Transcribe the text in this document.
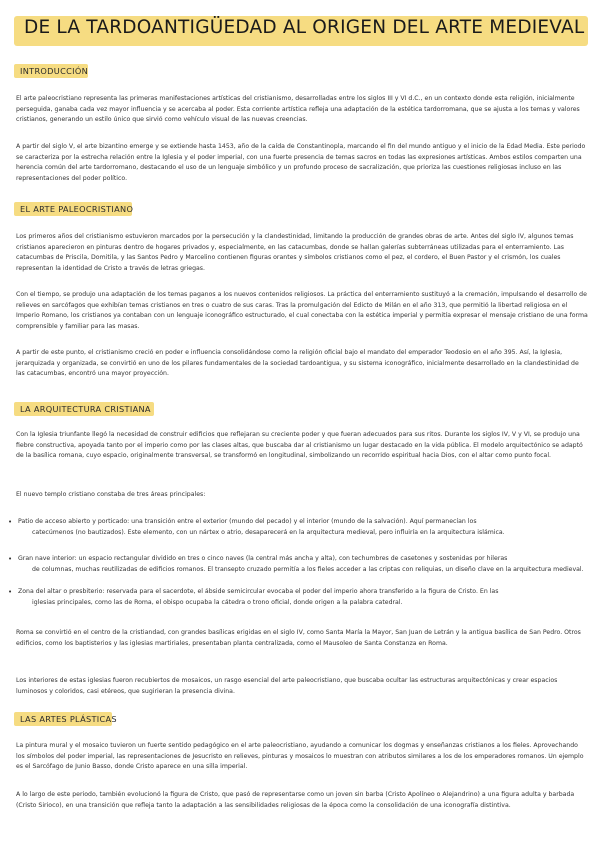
DE LA TARDOANTIGÜEDAD AL ORIGEN DEL ARTE MEDIEVAL
INTRODUCCIÓN
El arte paleocristiano representa las primeras manifestaciones artísticas del cristianismo, desarrolladas entre los siglos III y VI d.C., en un contexto donde esta religión, inicialmente perseguida, ganaba cada vez mayor influencia y se acercaba al poder. Esta corriente artística refleja una adaptación de la estética tardorromana, que se ajusta a los temas y valores cristianos, generando un estilo único que sirvió como vehículo visual de las nuevas creencias.
A partir del siglo V, el arte bizantino emerge y se extiende hasta 1453, año de la caída de Constantinopla, marcando el fin del mundo antiguo y el inicio de la Edad Media. Este periodo se caracteriza por la estrecha relación entre la Iglesia y el poder imperial, con una fuerte presencia de temas sacros en todas las expresiones artísticas. Ambos estilos comparten una herencia común del arte tardorromano, destacando el uso de un lenguaje simbólico y un profundo proceso de sacralización, que prioriza las cuestiones religiosas incluso en las representaciones del poder político.
EL ARTE PALEOCRISTIANO
Los primeros años del cristianismo estuvieron marcados por la persecución y la clandestinidad, limitando la producción de grandes obras de arte. Antes del siglo IV, algunos temas cristianos aparecieron en pinturas dentro de hogares privados y, especialmente, en las catacumbas, donde se hallan galerías subterráneas utilizadas para el enterramiento. Las catacumbas de Priscila, Domitila, y las Santos Pedro y Marcelino contienen figuras orantes y símbolos cristianos como el pez, el cordero, el Buen Pastor y el crismón, los cuales representan la identidad de Cristo a través de letras griegas.
Con el tiempo, se produjo una adaptación de los temas paganos a los nuevos contenidos religiosos. La práctica del enterramiento sustituyó a la cremación, impulsando el desarrollo de relieves en sarcófagos que exhibían temas cristianos en tres o cuatro de sus caras. Tras la promulgación del Edicto de Milán en el año 313, que permitió la libertad religiosa en el Imperio Romano, los cristianos ya contaban con un lenguaje iconográfico estructurado, el cual conectaba con la estética imperial y permitía expresar el mensaje cristiano de una forma comprensible y familiar para las masas.
A partir de este punto, el cristianismo creció en poder e influencia consolidándose como la religión oficial bajo el mandato del emperador Teodosio en el año 395. Así, la Iglesia, jerarquizada y organizada, se convirtió en uno de los pilares fundamentales de la sociedad tardoantigua, y su sistema iconográfico, inicialmente desarrollado en la clandestinidad de las catacumbas, encontró una mayor proyección.
LA ARQUITECTURA CRISTIANA
Con la Iglesia triunfante llegó la necesidad de construir edificios que reflejaran su creciente poder y que fueran adecuados para sus ritos. Durante los siglos IV, V y VI, se produjo una fiebre constructiva, apoyada tanto por el imperio como por las clases altas, que buscaba dar al cristianismo un lugar destacado en la vida pública. El modelo arquitectónico se adaptó de la basílica romana, cuyo espacio, originalmente transversal, se transformó en longitudinal, simbolizando un recorrido espiritual hacia Dios, con el altar como punto focal.
El nuevo templo cristiano constaba de tres áreas principales:
• Patio de acceso abierto y porticado: una transición entre el exterior (mundo del pecado) y el interior (mundo de la salvación). Aquí permanecían los
catecúmenos (no bautizados). Este elemento, con un nártex o atrio, desaparecerá en la arquitectura medieval, pero influiría en la arquitectura islámica.
• Gran nave interior: un espacio rectangular dividido en tres o cinco naves (la central más ancha y alta), con techumbres de casetones y sostenidas por hileras
de columnas, muchas reutilizadas de edificios romanos. El transepto cruzado permitía a los fieles acceder a las criptas con reliquias, un diseño clave en la arquitectura medieval.
• Zona del altar o presbiterio: reservada para el sacerdote, el ábside semicircular evocaba el poder del imperio ahora transferido a la figura de Cristo. En las
iglesias principales, como las de Roma, el obispo ocupaba la cátedra o trono oficial, donde origen a la palabra catedral.
Roma se convirtió en el centro de la cristiandad, con grandes basílicas erigidas en el siglo IV, como Santa María la Mayor, San Juan de Letrán y la antigua basílica de San Pedro. Otros edificios, como los baptisterios y las iglesias martiriales, presentaban planta centralizada, como el Mausoleo de Santa Constanza en Roma.
Los interiores de estas iglesias fueron recubiertos de mosaicos, un rasgo esencial del arte paleocristiano, que buscaba ocultar las estructuras arquitectónicas y crear espacios luminosos y coloridos, casi etéreos, que sugirieran la presencia divina.
LAS ARTES PLÁSTICAS
La pintura mural y el mosaico tuvieron un fuerte sentido pedagógico en el arte paleocristiano, ayudando a comunicar los dogmas y enseñanzas cristianos a los fieles. Aprovechando los símbolos del poder imperial, las representaciones de Jesucristo en relieves, pinturas y mosaicos lo muestran con atributos similares a los de los emperadores romanos. Un ejemplo es el Sarcófago de Junio Basso, donde Cristo aparece en una silla imperial.
A lo largo de este periodo, también evolucionó la figura de Cristo, que pasó de representarse como un joven sin barba (Cristo Apolíneo o Alejandrino) a una figura adulta y barbada (Cristo Sirioco), en una transición que refleja tanto la adaptación a las sensibilidades religiosas de la época como la consolidación de una iconografía distintiva.
